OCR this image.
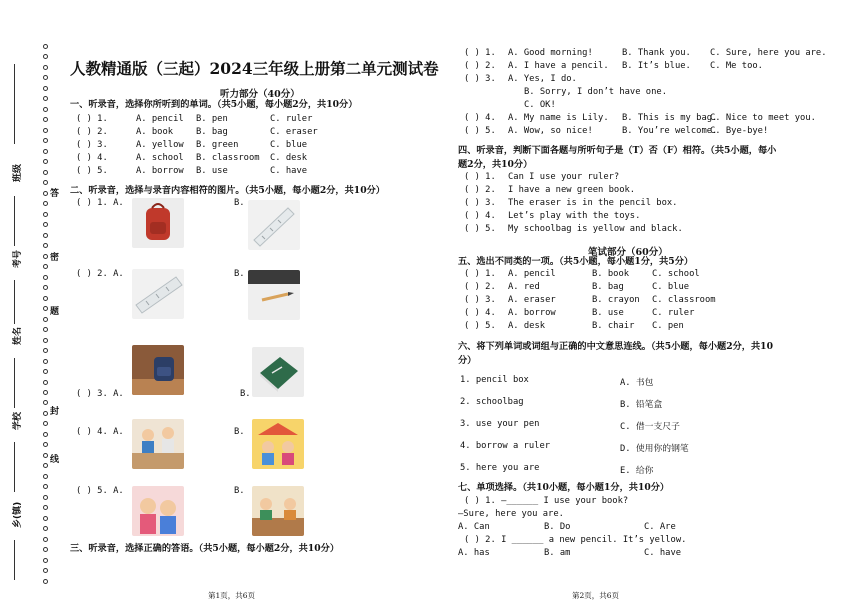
班级
考号
姓名
学校
乡(镇)
答
密
题
封
线
人教精通版（三起）2024三年级上册第二单元测试卷
听力部分（40分）
一、听录音，选择你所听到的单词。（共5小题，每小题2分，共10分）
( ) 1.	A. pencil B. pen	C. ruler
( ) 2.	A. book	B. bag	C. eraser
( ) 3.	A. yellow B. green	C. blue
( ) 4.	A. school B. classroom C. desk
( ) 5.	A. borrow B. use	C. have
二、听录音，选择与录音内容相符的图片。（共5小题，每小题2分，共10分）
( ) 1. A.	B.
( ) 2. A.	B.
( ) 3. A.	B.
( ) 4. A.	B.
( ) 5. A.	B.
三、听录音，选择正确的答语。（共5小题，每小题2分，共10分）
第1页，共6页
( ) 1. A. Good morning!	B. Thank you. C. Sure, here you are.
( ) 2. A. I have a pencil. B. It’s blue. C. Me too.
( ) 3. A. Yes, I do.
B. Sorry, I don’t have one.
C. OK!
( ) 4. A. My name is Lily. B. This is my bag.
C. Nice to meet you.
( ) 5. A. Wow, so nice!	B. You’re welcome.
C. Bye-bye!
四、听录音，判断下面各题与所听句子是（T）否（F）相符。（共5小题，每小
题2分，共10分）
( ) 1. Can I use your ruler?
( ) 2. I have a new green book.
( ) 3. The eraser is in the pencil box.
( ) 4. Let’s play with the toys.
( ) 5. My schoolbag is yellow and black.
笔试部分（60分）
五、选出不同类的一项。（共5小题，每小题1分，共5分）
( ) 1. A. pencil	B. book	C. school
( ) 2. A. red	B. bag	C. blue
( ) 3. A. eraser	B. crayon C. classroom
( ) 4. A. borrow	B. use	C. ruler
( ) 5. A. desk	B. chair C. pen
六、将下列单词或词组与正确的中文意思连线。（共5小题，每小题2分，共10
分）
1. pencil box	A. 书包
2. schoolbag	B. 铅笔盒
3. use your pen	C. 借一支尺子
4. borrow a ruler	D. 使用你的钢笔
5. here you are	E. 给你
七、单项选择。（共10小题，每小题1分，共10分）
( ) 1. —______ I use your book?
—Sure, here you are.
A. Can	B. Do	C. Are
( ) 2. I ______ a new pencil. It’s yellow.
A. has	B. am	C. have
第2页，共6页
